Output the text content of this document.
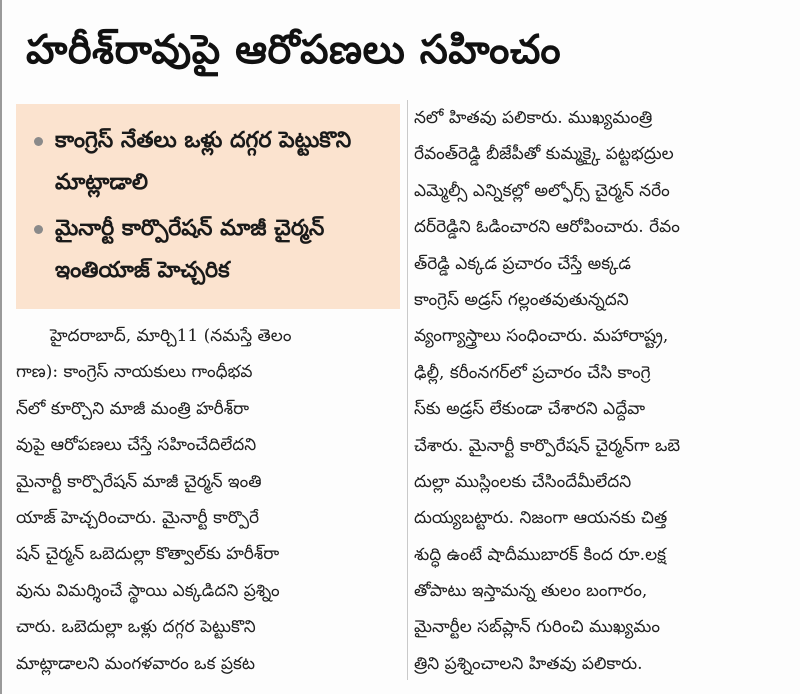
హరీశ్‌రావుపై ఆరోపణలు సహించం
కాంగ్రెస్ నేతలు ఒళ్లు దగ్గర పెట్టుకొని మాట్లాడాలి
మైనార్టీ కార్పొరేషన్ మాజీ చైర్మన్ ఇంతియాజ్ హెచ్చరిక
హైదరాబాద్, మార్చి11 (నమస్తే తెలం
గాణ): కాంగ్రెస్ నాయకులు గాంధీభవ
న్‌లో కూర్చొని మాజీ మంత్రి హరీశ్‌రా
వుపై ఆరోపణలు చేస్తే సహించేదిలేదని
మైనార్టీ కార్పొరేషన్ మాజీ చైర్మన్ ఇంతి
యాజ్ హెచ్చరించారు. మైనార్టీ కార్పొరే
షన్ చైర్మన్ ఒబెదుల్లా కొత్వాల్‌కు హరీశ్‌రా
వును విమర్శించే స్థాయి ఎక్కడిదని ప్రశ్నిం
చారు. ఒబెదుల్లా ఒళ్లు దగ్గర పెట్టుకొని
మాట్లాడాలని మంగళవారం ఒక ప్రకట
నలో హితవు పలికారు. ముఖ్యమంత్రి
రేవంత్‌రెడ్డి బీజేపీతో కుమ్మక్కై పట్టభద్రుల
ఎమ్మెల్సీ ఎన్నికల్లో అల్ఫోర్స్ చైర్మన్ నరేం
దర్‌రెడ్డిని ఓడించారని ఆరోపించారు. రేవం
త్‌రెడ్డి ఎక్కడ ప్రచారం చేస్తే అక్కడ
కాంగ్రెస్ అడ్రస్ గల్లంతవుతున్నదని
వ్యంగ్యాస్త్రాలు సంధించారు. మహారాష్ట్ర,
ఢిల్లీ, కరీంనగర్‌లో ప్రచారం చేసి కాంగ్రె
స్‌కు అడ్రస్ లేకుండా చేశారని ఎద్దేవా
చేశారు. మైనార్టీ కార్పొరేషన్ చైర్మన్‌గా ఒబె
దుల్లా ముస్లింలకు చేసిందేమీలేదని
దుయ్యబట్టారు. నిజంగా ఆయనకు చిత్త
శుద్ధి ఉంటే షాదీముబారక్ కింద రూ.లక్ష
తోపాటు ఇస్తామన్న తులం బంగారం,
మైనార్టీల సబ్‌ప్లాన్ గురించి ముఖ్యమం
త్రిని ప్రశ్నించాలని హితవు పలికారు.
